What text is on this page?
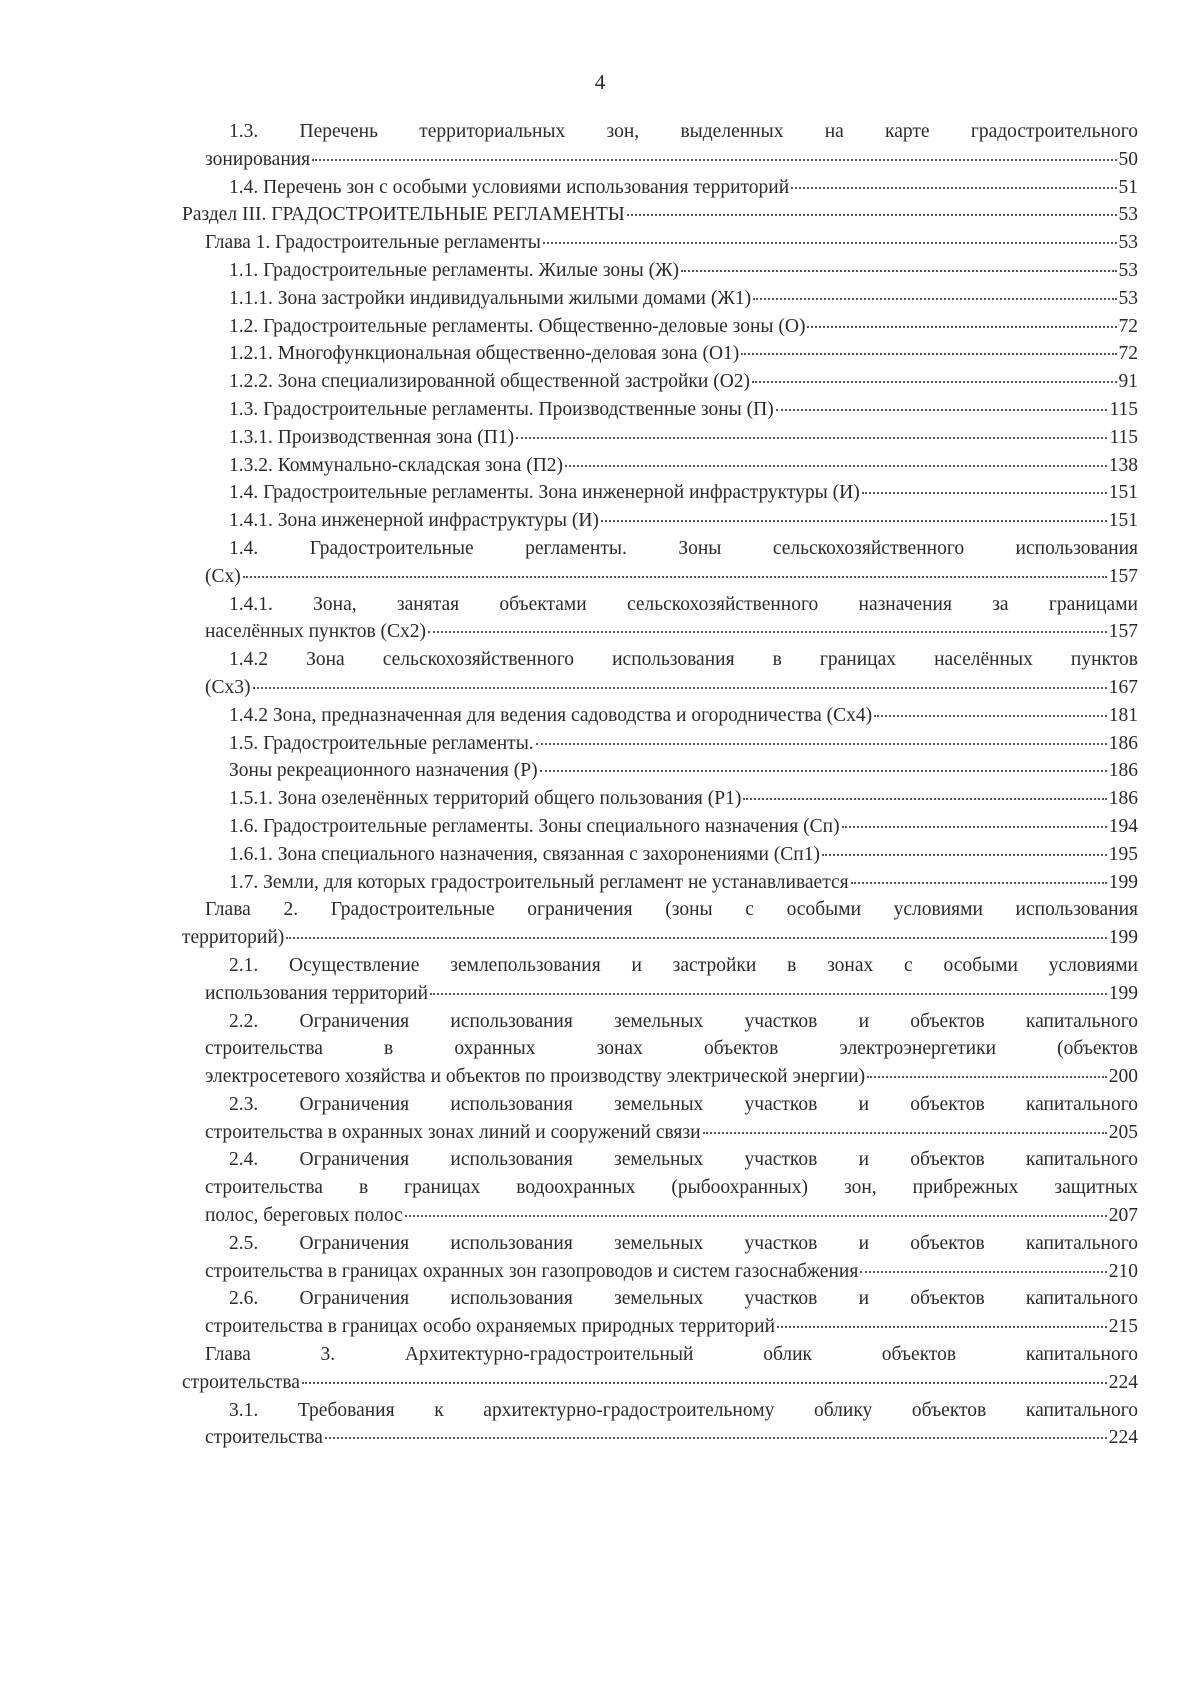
4
1.3. Перечень территориальных зон, выделенных на карте градостроительного
зонирования	50
1.4. Перечень зон с особыми условиями использования территорий	51
Раздел III. ГРАДОСТРОИТЕЛЬНЫЕ РЕГЛАМЕНТЫ	53
Глава 1. Градостроительные регламенты	53
1.1. Градостроительные регламенты. Жилые зоны (Ж)	53
1.1.1. Зона застройки индивидуальными жилыми домами (Ж1)	53
1.2. Градостроительные регламенты. Общественно-деловые зоны (О)	72
1.2.1. Многофункциональная общественно-деловая зона (О1)	72
1.2.2. Зона специализированной общественной застройки (О2)	91
1.3. Градостроительные регламенты. Производственные зоны (П)	115
1.3.1. Производственная зона (П1)	115
1.3.2. Коммунально-складская зона (П2)	138
1.4. Градостроительные регламенты. Зона инженерной инфраструктуры (И)	151
1.4.1. Зона инженерной инфраструктуры (И)	151
1.4. Градостроительные регламенты. Зоны сельскохозяйственного использования
(Сх)	157
1.4.1. Зона, занятая объектами сельскохозяйственного назначения за границами
населённых пунктов (Сх2)	157
1.4.2 Зона сельскохозяйственного использования в границах населённых пунктов
(Сх3)	167
1.4.2 Зона, предназначенная для ведения садоводства и огородничества (Сх4)	181
1.5. Градостроительные регламенты.	186
Зоны рекреационного назначения (Р)	186
1.5.1. Зона озеленённых территорий общего пользования (Р1)	186
1.6. Градостроительные регламенты. Зоны специального назначения (Сп)	194
1.6.1. Зона специального назначения, связанная с захоронениями (Сп1)	195
1.7. Земли, для которых градостроительный регламент не устанавливается	199
Глава 2. Градостроительные ограничения (зоны с особыми условиями использования
территорий)	199
2.1. Осуществление землепользования и застройки в зонах с особыми условиями
использования территорий	199
2.2. Ограничения использования земельных участков и объектов капитального
строительства в охранных зонах объектов электроэнергетики (объектов
электросетевого хозяйства и объектов по производству электрической энергии)	200
2.3. Ограничения использования земельных участков и объектов капитального
строительства в охранных зонах линий и сооружений связи	205
2.4. Ограничения использования земельных участков и объектов капитального
строительства в границах водоохранных (рыбоохранных) зон, прибрежных защитных
полос, береговых полос	207
2.5. Ограничения использования земельных участков и объектов капитального
строительства в границах охранных зон газопроводов и систем газоснабжения	210
2.6. Ограничения использования земельных участков и объектов капитального
строительства в границах особо охраняемых природных территорий	215
Глава 3. Архитектурно-градостроительный облик объектов капитального
строительства	224
3.1. Требования к архитектурно-градостроительному облику объектов капитального
строительства	224
